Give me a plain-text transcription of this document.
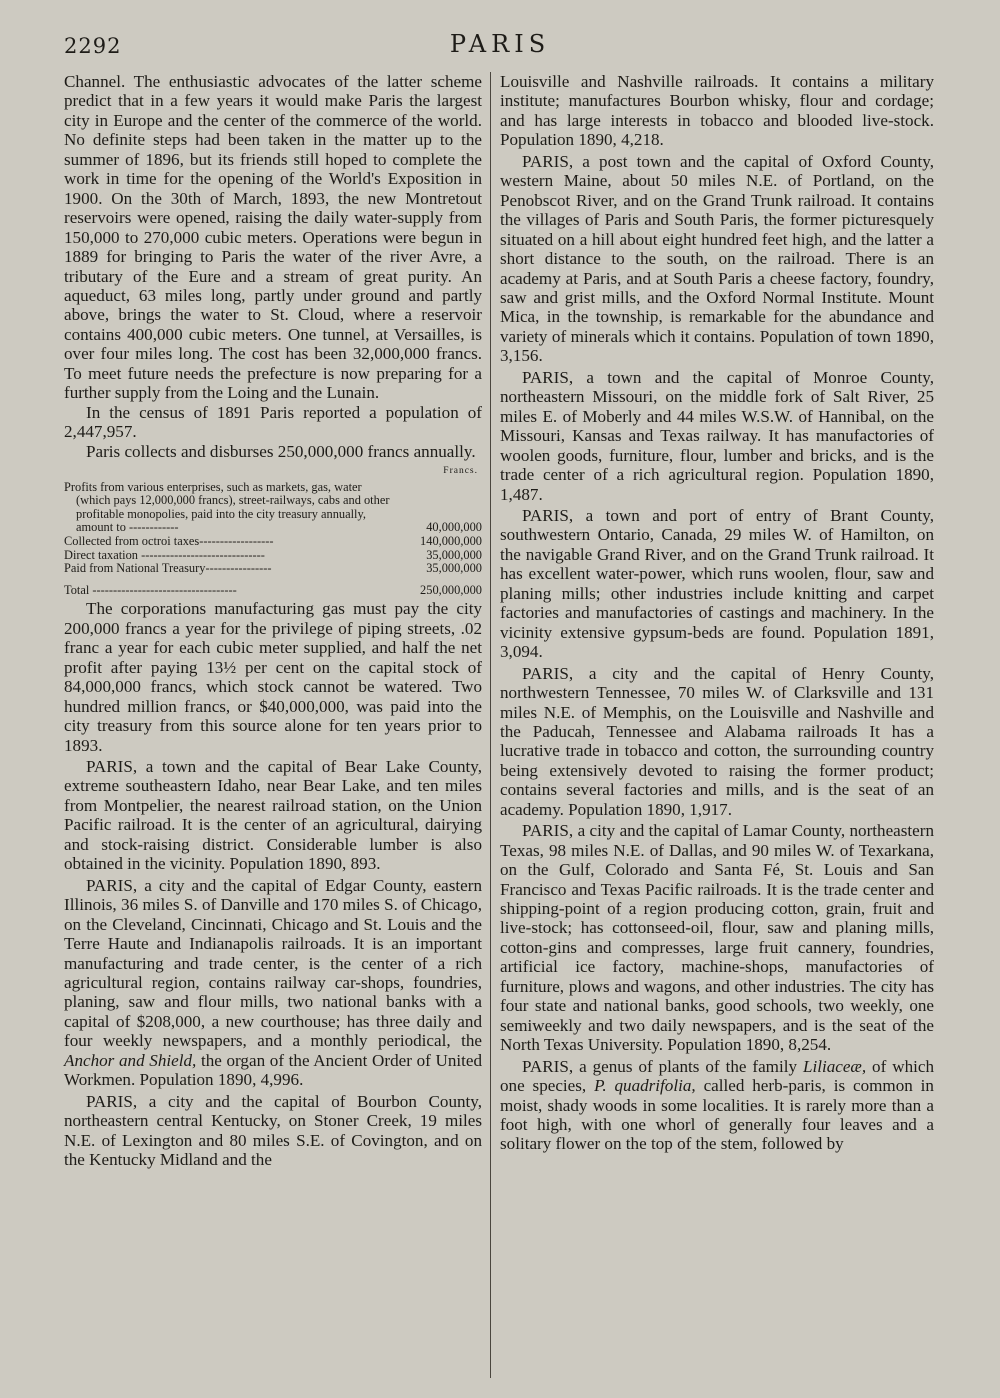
2292	PARIS

Channel. The enthusiastic advocates of the latter scheme predict that in a few years it would make Paris the largest city in Europe and the center of the commerce of the world. No definite steps had been taken in the matter up to the summer of 1896, but its friends still hoped to complete the work in time for the opening of the World's Exposition in 1900. On the 30th of March, 1893, the new Montretout reservoirs were opened, raising the daily water-supply from 150,000 to 270,000 cubic meters. Operations were begun in 1889 for bringing to Paris the water of the river Avre, a tributary of the Eure and a stream of great purity. An aqueduct, 63 miles long, partly under ground and partly above, brings the water to St. Cloud, where a reservoir contains 400,000 cubic meters. One tunnel, at Versailles, is over four miles long. The cost has been 32,000,000 francs. To meet future needs the prefecture is now preparing for a further supply from the Loing and the Lunain.

In the census of 1891 Paris reported a population of 2,447,957.

Paris collects and disburses 250,000,000 francs annually.

Francs.
Profits from various enterprises, such as markets, gas, water (which pays 12,000,000 francs), street-railways, cabs and other profitable monopolies, paid into the city treasury annually, amount to ------------	40,000,000
Collected from octroi taxes------------------	140,000,000
Direct taxation ------------------------------	35,000,000
Paid from National Treasury----------------	35,000,000
Total -----------------------------------	250,000,000

The corporations manufacturing gas must pay the city 200,000 francs a year for the privilege of piping streets, .02 franc a year for each cubic meter supplied, and half the net profit after paying 13½ per cent on the capital stock of 84,000,000 francs, which stock cannot be watered. Two hundred million francs, or $40,000,000, was paid into the city treasury from this source alone for ten years prior to 1893.

PARIS, a town and the capital of Bear Lake County, extreme southeastern Idaho, near Bear Lake, and ten miles from Montpelier, the nearest railroad station, on the Union Pacific railroad. It is the center of an agricultural, dairying and stock-raising district. Considerable lumber is also obtained in the vicinity. Population 1890, 893.

PARIS, a city and the capital of Edgar County, eastern Illinois, 36 miles S. of Danville and 170 miles S. of Chicago, on the Cleveland, Cincinnati, Chicago and St. Louis and the Terre Haute and Indianapolis railroads. It is an important manufacturing and trade center, is the center of a rich agricultural region, contains railway car-shops, foundries, planing, saw and flour mills, two national banks with a capital of $208,000, a new courthouse; has three daily and four weekly newspapers, and a monthly periodical, the Anchor and Shield, the organ of the Ancient Order of United Workmen. Population 1890, 4,996.

PARIS, a city and the capital of Bourbon County, northeastern central Kentucky, on Stoner Creek, 19 miles N.E. of Lexington and 80 miles S.E. of Covington, and on the Kentucky Midland and the

Louisville and Nashville railroads. It contains a military institute; manufactures Bourbon whisky, flour and cordage; and has large interests in tobacco and blooded live-stock. Population 1890, 4,218.

PARIS, a post town and the capital of Oxford County, western Maine, about 50 miles N.E. of Portland, on the Penobscot River, and on the Grand Trunk railroad. It contains the villages of Paris and South Paris, the former picturesquely situated on a hill about eight hundred feet high, and the latter a short distance to the south, on the railroad. There is an academy at Paris, and at South Paris a cheese factory, foundry, saw and grist mills, and the Oxford Normal Institute. Mount Mica, in the township, is remarkable for the abundance and variety of minerals which it contains. Population of town 1890, 3,156.

PARIS, a town and the capital of Monroe County, northeastern Missouri, on the middle fork of Salt River, 25 miles E. of Moberly and 44 miles W.S.W. of Hannibal, on the Missouri, Kansas and Texas railway. It has manufactories of woolen goods, furniture, flour, lumber and bricks, and is the trade center of a rich agricultural region. Population 1890, 1,487.

PARIS, a town and port of entry of Brant County, southwestern Ontario, Canada, 29 miles W. of Hamilton, on the navigable Grand River, and on the Grand Trunk railroad. It has excellent water-power, which runs woolen, flour, saw and planing mills; other industries include knitting and carpet factories and manufactories of castings and machinery. In the vicinity extensive gypsum-beds are found. Population 1891, 3,094.

PARIS, a city and the capital of Henry County, northwestern Tennessee, 70 miles W. of Clarksville and 131 miles N.E. of Memphis, on the Louisville and Nashville and the Paducah, Tennessee and Alabama railroads It has a lucrative trade in tobacco and cotton, the surrounding country being extensively devoted to raising the former product; contains several factories and mills, and is the seat of an academy. Population 1890, 1,917.

PARIS, a city and the capital of Lamar County, northeastern Texas, 98 miles N.E. of Dallas, and 90 miles W. of Texarkana, on the Gulf, Colorado and Santa Fé, St. Louis and San Francisco and Texas Pacific railroads. It is the trade center and shipping-point of a region producing cotton, grain, fruit and live-stock; has cottonseed-oil, flour, saw and planing mills, cotton-gins and compresses, large fruit cannery, foundries, artificial ice factory, machine-shops, manufactories of furniture, plows and wagons, and other industries. The city has four state and national banks, good schools, two weekly, one semiweekly and two daily newspapers, and is the seat of the North Texas University. Population 1890, 8,254.

PARIS, a genus of plants of the family Liliaceæ, of which one species, P. quadrifolia, called herb-paris, is common in moist, shady woods in some localities. It is rarely more than a foot high, with one whorl of generally four leaves and a solitary flower on the top of the stem, followed by
